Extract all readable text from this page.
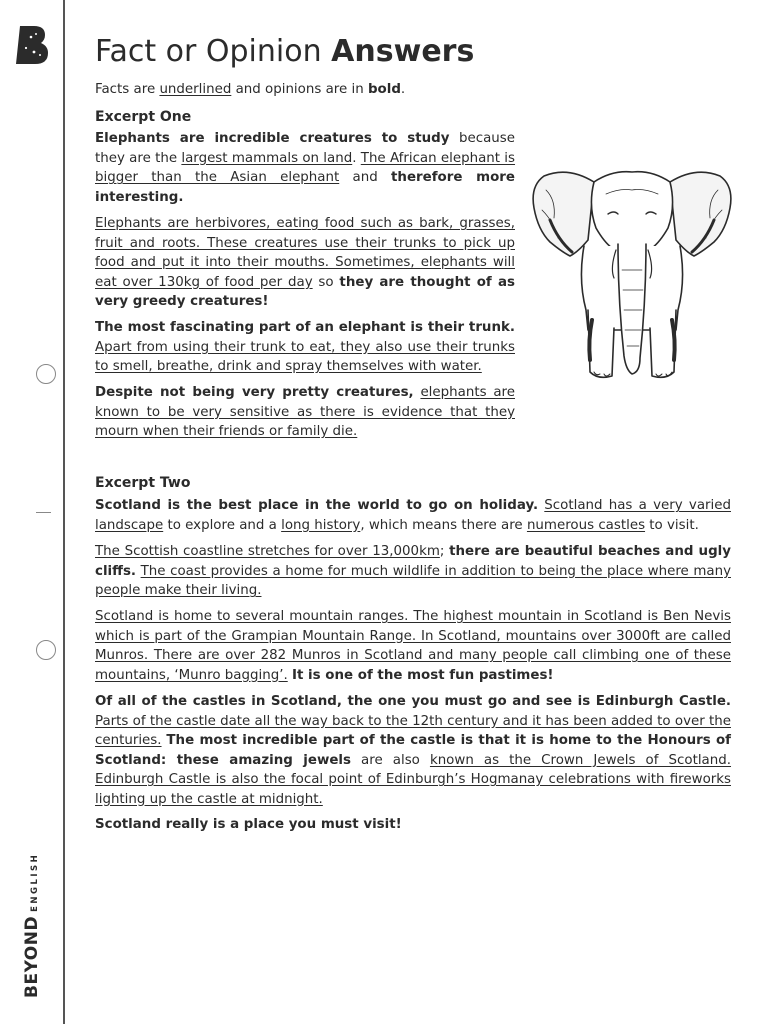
BEYONDENGLISH
Fact or Opinion Answers
Facts are underlined and opinions are in bold.
Excerpt One
Elephants are incredible creatures to study because they are the largest mammals on land. The African elephant is bigger than the Asian elephant and therefore more interesting.
Elephants are herbivores, eating food such as bark, grasses, fruit and roots. These creatures use their trunks to pick up food and put it into their mouths. Sometimes, elephants will eat over 130kg of food per day so they are thought of as very greedy creatures!
The most fascinating part of an elephant is their trunk. Apart from using their trunk to eat, they also use their trunks to smell, breathe, drink and spray themselves with water.
Despite not being very pretty creatures, elephants are known to be very sensitive as there is evidence that they mourn when their friends or family die.
Excerpt Two
Scotland is the best place in the world to go on holiday. Scotland has a very varied landscape to explore and a long history, which means there are numerous castles to visit.
The Scottish coastline stretches for over 13,000km; there are beautiful beaches and ugly cliffs. The coast provides a home for much wildlife in addition to being the place where many people make their living.
Scotland is home to several mountain ranges. The highest mountain in Scotland is Ben Nevis which is part of the Grampian Mountain Range. In Scotland, mountains over 3000ft are called Munros. There are over 282 Munros in Scotland and many people call climbing one of these mountains, ‘Munro bagging’. It is one of the most fun pastimes!
Of all of the castles in Scotland, the one you must go and see is Edinburgh Castle. Parts of the castle date all the way back to the 12th century and it has been added to over the centuries. The most incredible part of the castle is that it is home to the Honours of Scotland: these amazing jewels are also known as the Crown Jewels of Scotland. Edinburgh Castle is also the focal point of Edinburgh’s Hogmanay celebrations with fireworks lighting up the castle at midnight.
Scotland really is a place you must visit!
